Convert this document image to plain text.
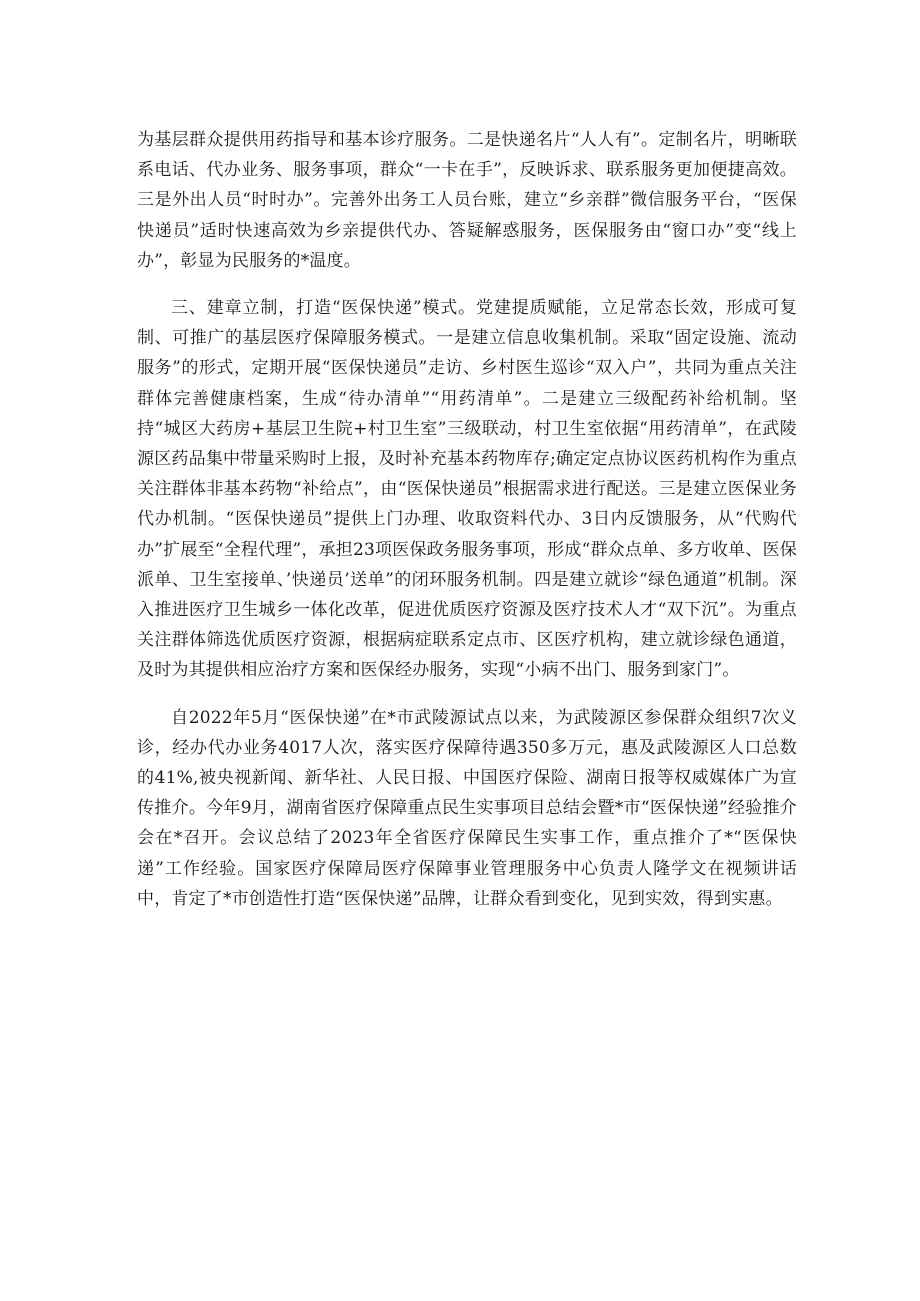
为基层群众提供用药指导和基本诊疗服务。二是快递名片“人人有”。定制名片，明晰联系电话、代办业务、服务事项，群众“一卡在手”，反映诉求、联系服务更加便捷高效。三是外出人员“时时办”。完善外出务工人员台账，建立“乡亲群”微信服务平台，“医保快递员”适时快速高效为乡亲提供代办、答疑解惑服务，医保服务由“窗口办”变“线上办”，彰显为民服务的*温度。

三、建章立制，打造“医保快递”模式。党建提质赋能，立足常态长效，形成可复制、可推广的基层医疗保障服务模式。一是建立信息收集机制。采取“固定设施、流动服务”的形式，定期开展“医保快递员”走访、乡村医生巡诊“双入户”，共同为重点关注群体完善健康档案，生成“待办清单”“用药清单”。二是建立三级配药补给机制。坚持“城区大药房+基层卫生院+村卫生室”三级联动，村卫生室依据“用药清单”，在武陵源区药品集中带量采购时上报，及时补充基本药物库存;确定定点协议医药机构作为重点关注群体非基本药物“补给点”，由“医保快递员”根据需求进行配送。三是建立医保业务代办机制。“医保快递员”提供上门办理、收取资料代办、3日内反馈服务，从“代购代办”扩展至“全程代理”，承担23项医保政务服务事项，形成“群众点单、多方收单、医保派单、卫生室接单、’快递员’送单”的闭环服务机制。四是建立就诊“绿色通道”机制。深入推进医疗卫生城乡一体化改革，促进优质医疗资源及医疗技术人才“双下沉”。为重点关注群体筛选优质医疗资源，根据病症联系定点市、区医疗机构，建立就诊绿色通道，及时为其提供相应治疗方案和医保经办服务，实现“小病不出门、服务到家门”。

自2022年5月“医保快递”在*市武陵源试点以来，为武陵源区参保群众组织7次义诊，经办代办业务4017人次，落实医疗保障待遇350多万元，惠及武陵源区人口总数的41%,被央视新闻、新华社、人民日报、中国医疗保险、湖南日报等权威媒体广为宣传推介。今年9月，湖南省医疗保障重点民生实事项目总结会暨*市“医保快递”经验推介会在*召开。会议总结了2023年全省医疗保障民生实事工作，重点推介了*“医保快递”工作经验。国家医疗保障局医疗保障事业管理服务中心负责人隆学文在视频讲话中，肯定了*市创造性打造“医保快递”品牌，让群众看到变化，见到实效，得到实惠。
